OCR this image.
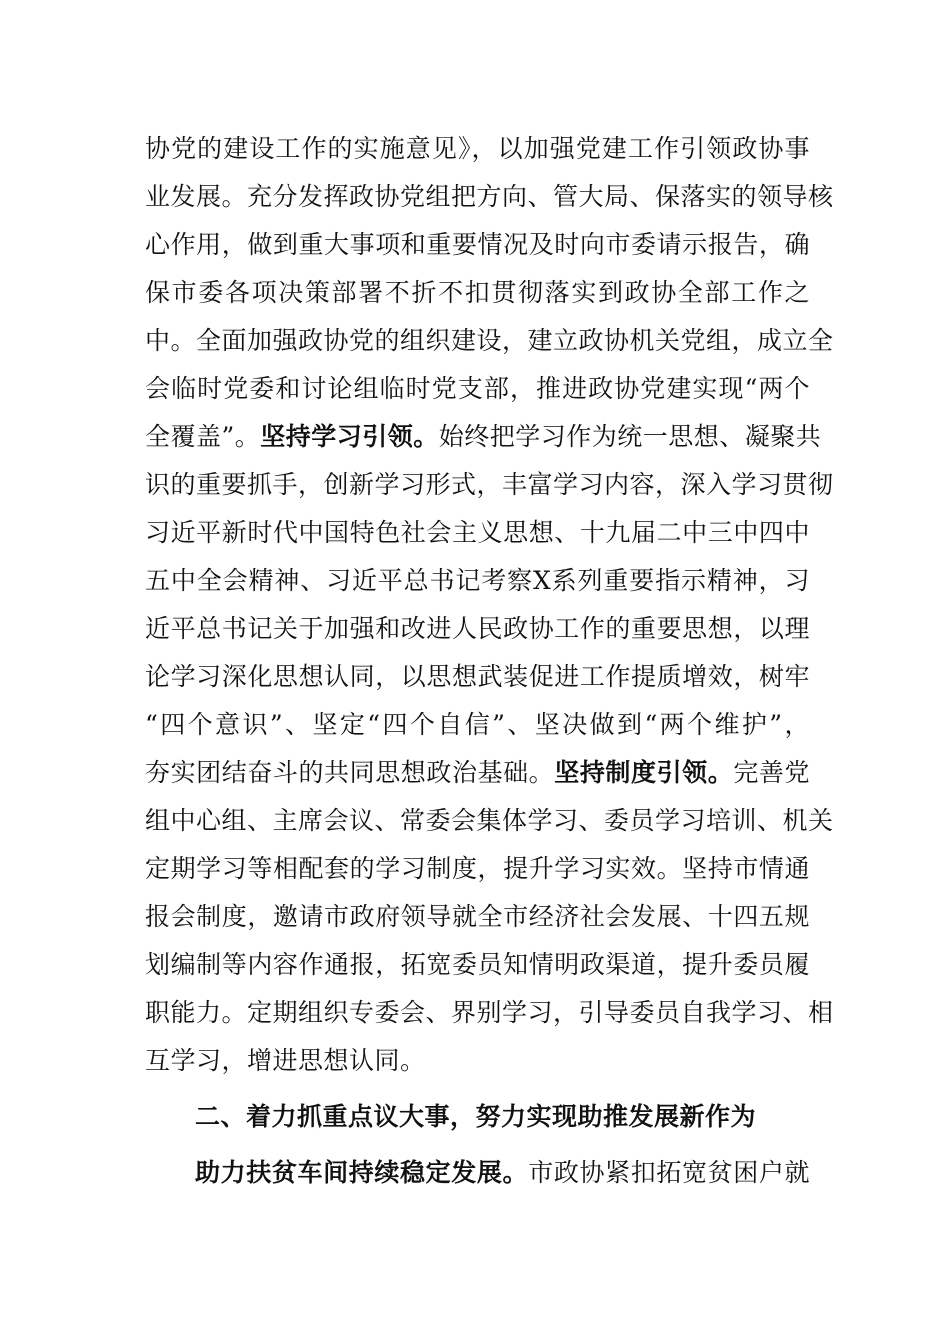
协党的建设工作的实施意见》，以加强党建工作引领政协事
业发展。充分发挥政协党组把方向、管大局、保落实的领导核
心作用，做到重大事项和重要情况及时向市委请示报告，确
保市委各项决策部署不折不扣贯彻落实到政协全部工作之
中。全面加强政协党的组织建设，建立政协机关党组，成立全
会临时党委和讨论组临时党支部，推进政协党建实现“两个
全覆盖”。坚持学习引领。始终把学习作为统一思想、凝聚共
识的重要抓手，创新学习形式，丰富学习内容，深入学习贯彻
习近平新时代中国特色社会主义思想、十九届二中三中四中
五中全会精神、习近平总书记考察X系列重要指示精神，习
近平总书记关于加强和改进人民政协工作的重要思想，以理
论学习深化思想认同，以思想武装促进工作提质增效，树牢
“四个意识”、坚定“四个自信”、坚决做到“两个维护”，
夯实团结奋斗的共同思想政治基础。坚持制度引领。完善党
组中心组、主席会议、常委会集体学习、委员学习培训、机关
定期学习等相配套的学习制度，提升学习实效。坚持市情通
报会制度，邀请市政府领导就全市经济社会发展、十四五规
划编制等内容作通报，拓宽委员知情明政渠道，提升委员履
职能力。定期组织专委会、界别学习，引导委员自我学习、相
互学习，增进思想认同。
二、着力抓重点议大事，努力实现助推发展新作为
助力扶贫车间持续稳定发展。市政协紧扣拓宽贫困户就
